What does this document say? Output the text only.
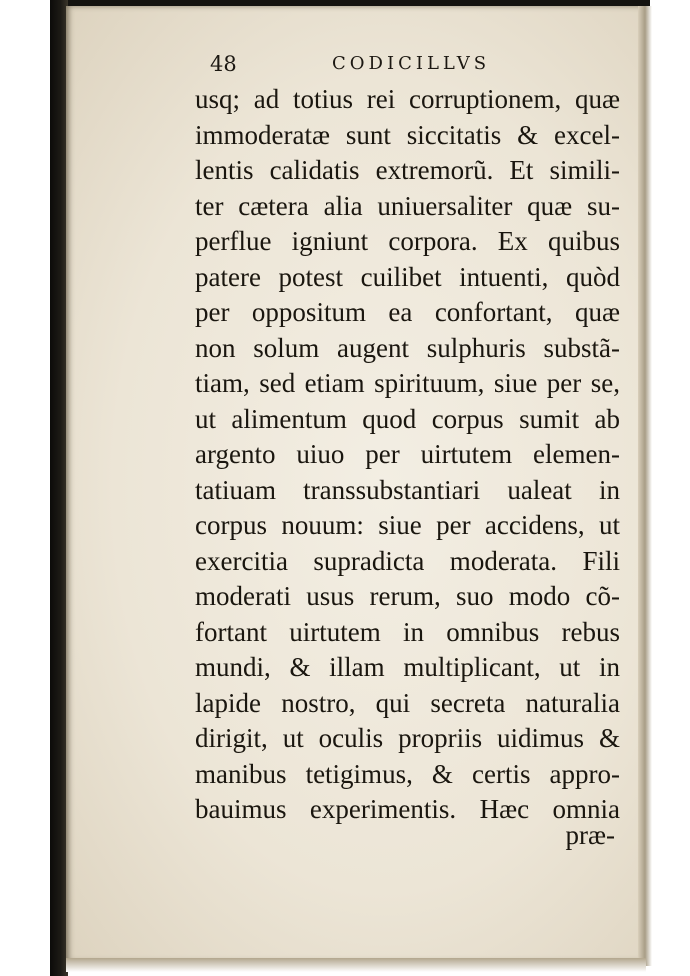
48	CODICILLVS
usq; ad totius rei corruptionem, quæ
immoderatæ sunt siccitatis & excel-
lentis calidatis extremorũ. Et simili-
ter cætera alia uniuersaliter quæ su-
perflue igniunt corpora. Ex quibus
patere potest cuilibet intuenti, quòd
per oppositum ea confortant, quæ
non solum augent sulphuris substã-
tiam, sed etiam spirituum, siue per se,
ut alimentum quod corpus sumit ab
argento uiuo per uirtutem elemen-
tatiuam transsubstantiari ualeat in
corpus nouum: siue per accidens, ut
exercitia supradicta moderata. Fili
moderati usus rerum, suo modo cõ-
fortant uirtutem in omnibus rebus
mundi, & illam multiplicant, ut in
lapide nostro, qui secreta naturalia
dirigit, ut oculis propriis uidimus &
manibus tetigimus, & certis appro-
bauimus experimentis. Hæc omnia
præ-
